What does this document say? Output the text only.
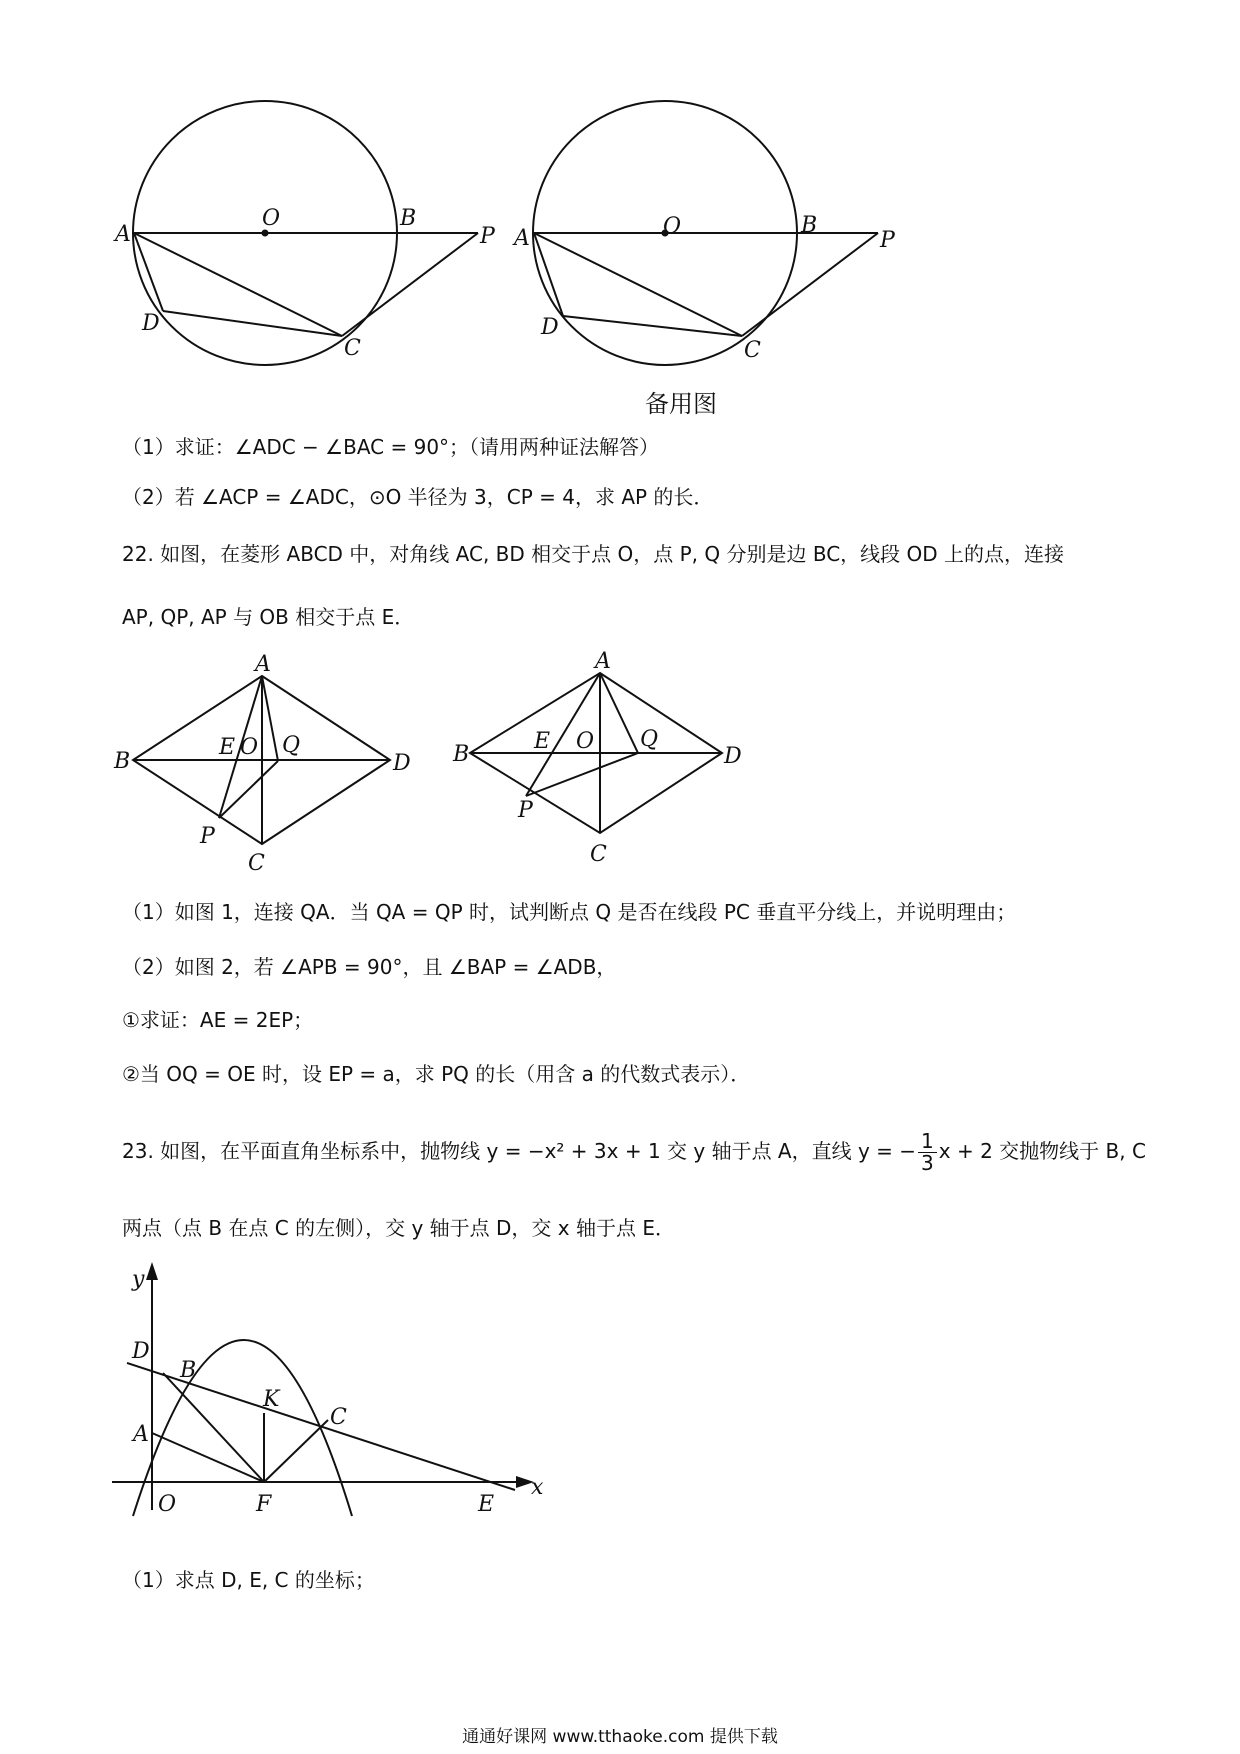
A
O	B
P
D
C
A	O	B
P
D
C
A
B	D
C
E O Q
P
A
B	D
C
E O Q
P
y
x
D
B
K
C
A
O	F	E
备用图
（1）求证：∠ADC − ∠BAC = 90°；（请用两种证法解答）
（2）若 ∠ACP = ∠ADC，⊙O 半径为 3，CP = 4，求 AP 的长．
22. 如图，在菱形 ABCD 中，对角线 AC, BD 相交于点 O，点 P, Q 分别是边 BC，线段 OD 上的点，连接
AP, QP, AP 与 OB 相交于点 E．
（1）如图 1，连接 QA．当 QA = QP 时，试判断点 Q 是否在线段 PC 垂直平分线上，并说明理由；
（2）如图 2，若 ∠APB = 90°，且 ∠BAP = ∠ADB，
①求证：AE = 2EP；
②当 OQ = OE 时，设 EP = a，求 PQ 的长（用含 a 的代数式表示）．
23. 如图，在平面直角坐标系中，抛物线 y = −x² + 3x + 1 交 y 轴于点 A，直线 y = − $\frac{1}{3}$ x + 2 交抛物线于 B, C
两点（点 B 在点 C 的左侧），交 y 轴于点 D，交 x 轴于点 E．
（1）求点 D, E, C 的坐标；
通通好课网 www.tthaoke.com 提供下载
